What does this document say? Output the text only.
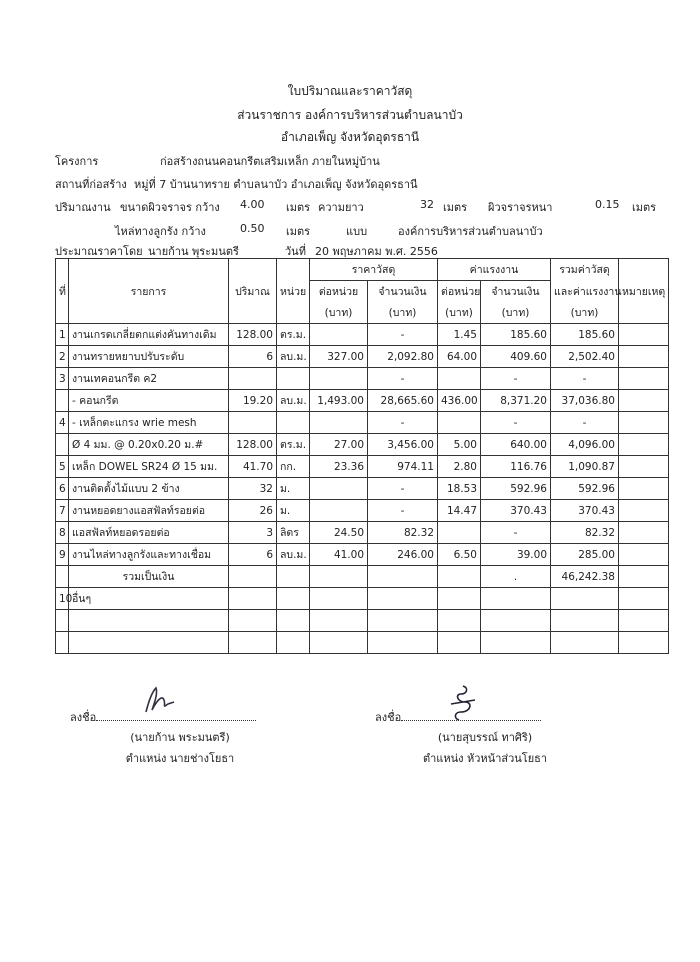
ใบปริมาณและราคาวัสดุ
ส่วนราชการ องค์การบริหารส่วนตำบลนาบัว
อำเภอเพ็ญ จังหวัดอุดรธานี
โครงการ	ก่อสร้างถนนคอนกรีตเสริมเหล็ก ภายในหมู่บ้าน
สถานที่ก่อสร้าง หมู่ที่ 7 บ้านนาทราย ตำบลนาบัว อำเภอเพ็ญ จังหวัดอุดรธานี
ปริมาณงาน ขนาดผิวจราจร กว้าง 4.00 เมตร ความยาว	32 เมตร ผิวจราจรหนา	0.15 เมตร
ไหล่ทางลูกรัง กว้าง	0.50 เมตร	แบบ	องค์การบริหารส่วนตำบลนาบัว
ประมาณราคาโดย นายก้าน พุระมนตรี	วันที่ 20 พฤษภาคม พ.ศ. 2556
ที่	รายการ	ปริมาณ	หน่วย	ราคาวัสดุ		ค่าแรงงาน		รวมค่าวัสดุ	หมายเหตุ
				ต่อหน่วย	จำนวนเงิน	ต่อหน่วย	จำนวนเงิน	และค่าแรงงาน	
				(บาท)	(บาท)	(บาท)	(บาท)	(บาท)	
1	งานเกรดเกลี่ยตกแต่งคันทางเดิม	128.00	ตร.ม.		-	1.45	185.60	185.60	
2	งานทรายหยาบปรับระดับ	6	ลบ.ม.	327.00	2,092.80	64.00	409.60	2,502.40	
3	งานเทคอนกรีต ค2				-		-	-	
	- คอนกรีต	19.20	ลบ.ม.	1,493.00	28,665.60	436.00	8,371.20	37,036.80	
4	- เหล็กตะแกรง wrie mesh				-		-	-	
	Ø 4 มม. @ 0.20x0.20 ม.#	128.00	ตร.ม.	27.00	3,456.00	5.00	640.00	4,096.00	
5	เหล็ก DOWEL SR24 Ø 15 มม.	41.70	กก.	23.36	974.11	2.80	116.76	1,090.87	
6	งานติดตั้งไม้แบบ 2 ข้าง	32	ม.		-	18.53	592.96	592.96	
7	งานหยอดยางแอสฟัลท์รอยต่อ	26	ม.		-	14.47	370.43	370.43	
8	แอสฟัลท์หยอดรอยต่อ	3	ลิตร	24.50	82.32		-	82.32	
9	งานไหล่ทางลูกรังและทางเชื่อม	6	ลบ.ม.	41.00	246.00	6.50	39.00	285.00	
	รวมเป็นเงิน						.	46,242.38	
10	อื่นๆ								

ลงชื่อ
(นายก้าน พระมนตรี)
ตำแหน่ง นายช่างโยธา
ลงชื่อ
(นายสุบรรณ์ ทาศิริ)
ตำแหน่ง หัวหน้าส่วนโยธา
